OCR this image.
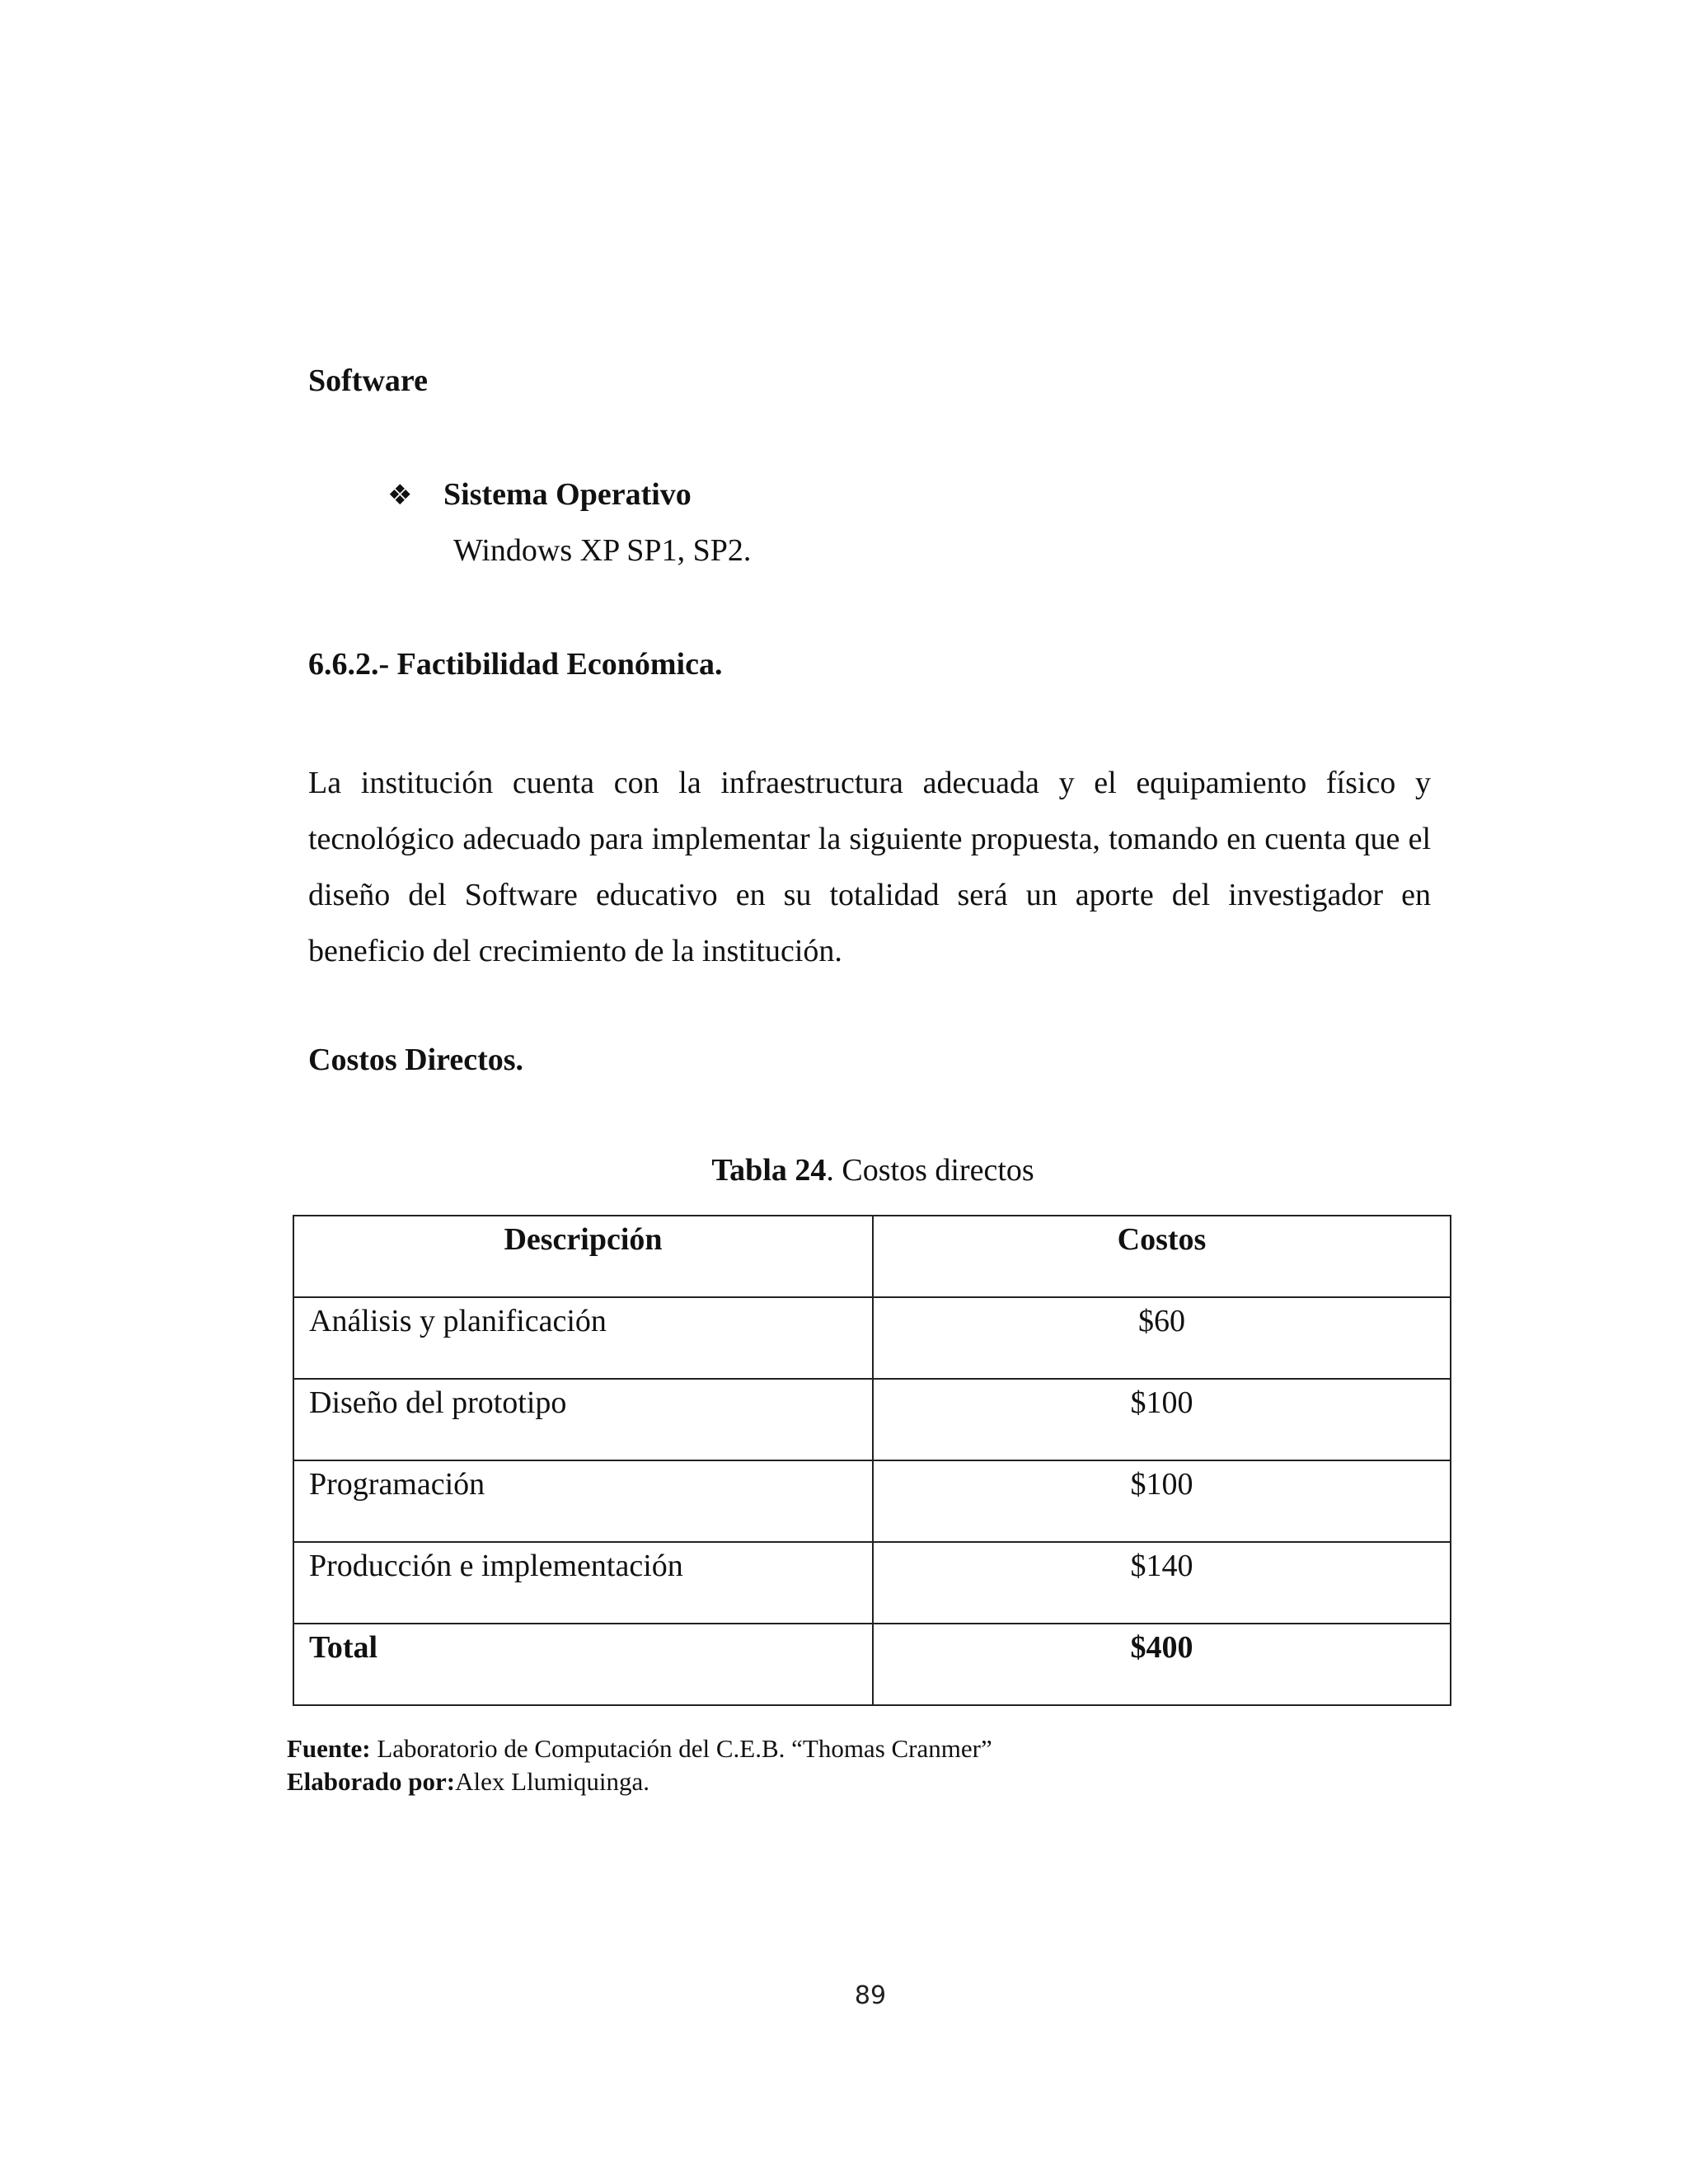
Software
❖ Sistema Operativo
Windows XP SP1, SP2.
6.6.2.- Factibilidad Económica.
La institución cuenta con la infraestructura adecuada y el equipamiento físico y tecnológico adecuado para implementar la siguiente propuesta, tomando en cuenta que el diseño del Software educativo en su totalidad será un aporte del investigador en beneficio del crecimiento de la institución.
Costos Directos.
Tabla 24. Costos directos
Descripción	Costos
Análisis y planificación	$60
Diseño del prototipo	$100
Programación	$100
Producción e implementación	$140
Total	$400
Fuente: Laboratorio de Computación del C.E.B. “Thomas Cranmer”
Elaborado por:Alex Llumiquinga.
89
